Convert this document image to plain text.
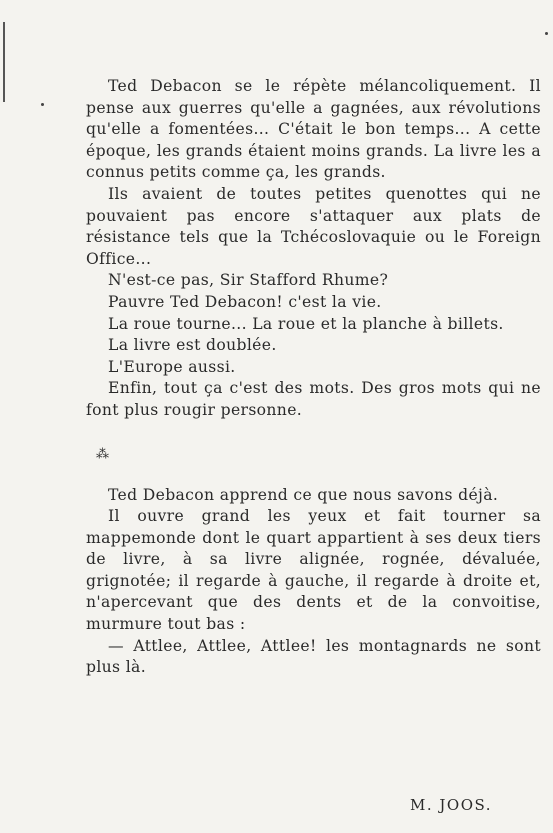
Ted Debacon se le répète mélancoliquement. Il pense aux guerres qu'elle a gagnées, aux révolutions qu'elle a fomentées... C'était le bon temps... A cette époque, les grands étaient moins grands. La livre les a connus petits comme ça, les grands.

Ils avaient de toutes petites quenottes qui ne pouvaient pas encore s'attaquer aux plats de résistance tels que la Tchécoslovaquie ou le Foreign Office...

N'est-ce pas, Sir Stafford Rhume?

Pauvre Ted Debacon! c'est la vie.

La roue tourne... La roue et la planche à billets.

La livre est doublée.

L'Europe aussi.

Enfin, tout ça c'est des mots. Des gros mots qui ne font plus rougir personne.

⁂

Ted Debacon apprend ce que nous savons déjà.

Il ouvre grand les yeux et fait tourner sa mappemonde dont le quart appartient à ses deux tiers de livre, à sa livre alignée, rognée, dévaluée, grignotée; il regarde à gauche, il regarde à droite et, n'apercevant que des dents et de la convoitise, murmure tout bas :

— Attlee, Attlee, Attlee! les montagnards ne sont plus là.

M. JOOS.
